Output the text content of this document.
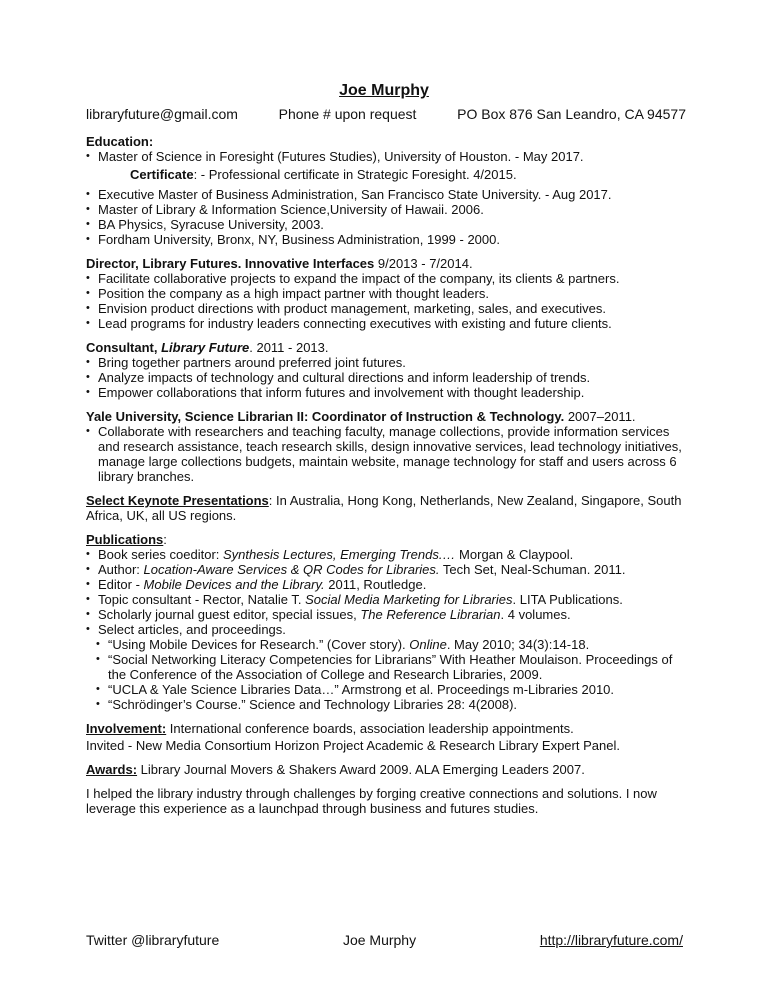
Joe Murphy
libraryfuture@gmail.com	Phone # upon request	PO Box 876 San Leandro, CA 94577
Education:
• Master of Science in Foresight (Futures Studies), University of Houston. - May 2017.
Certificate: - Professional certificate in Strategic Foresight. 4/2015.
• Executive Master of Business Administration, San Francisco State University. - Aug 2017.
• Master of Library & Information Science,University of Hawaii. 2006.
• BA Physics, Syracuse University, 2003.
• Fordham University, Bronx, NY, Business Administration, 1999 - 2000.
Director, Library Futures. Innovative Interfaces 9/2013 - 7/2014.
• Facilitate collaborative projects to expand the impact of the company, its clients & partners.
• Position the company as a high impact partner with thought leaders.
• Envision product directions with product management, marketing, sales, and executives.
• Lead programs for industry leaders connecting executives with existing and future clients.
Consultant, Library Future. 2011 - 2013.
• Bring together partners around preferred joint futures.
• Analyze impacts of technology and cultural directions and inform leadership of trends.
• Empower collaborations that inform futures and involvement with thought leadership.
Yale University, Science Librarian II: Coordinator of Instruction & Technology. 2007–2011.
• Collaborate with researchers and teaching faculty, manage collections, provide information services and research assistance, teach research skills, design innovative services, lead technology initiatives, manage large collections budgets, maintain website, manage technology for staff and users across 6 library branches.
Select Keynote Presentations: In Australia, Hong Kong, Netherlands, New Zealand, Singapore, South Africa, UK, all US regions.
Publications:
• Book series coeditor: Synthesis Lectures, Emerging Trends.… Morgan & Claypool.
• Author: Location-Aware Services & QR Codes for Libraries. Tech Set, Neal-Schuman. 2011.
• Editor - Mobile Devices and the Library. 2011, Routledge.
• Topic consultant - Rector, Natalie T. Social Media Marketing for Libraries. LITA Publications.
• Scholarly journal guest editor, special issues, The Reference Librarian. 4 volumes.
• Select articles, and proceedings.
• “Using Mobile Devices for Research.” (Cover story). Online. May 2010; 34(3):14-18.
• “Social Networking Literacy Competencies for Librarians” With Heather Moulaison. Proceedings of the Conference of the Association of College and Research Libraries, 2009.
• “UCLA & Yale Science Libraries Data…” Armstrong et al. Proceedings m-Libraries 2010.
• “Schrödinger’s Course.” Science and Technology Libraries 28: 4(2008).
Involvement: International conference boards, association leadership appointments.
Invited - New Media Consortium Horizon Project Academic & Research Library Expert Panel.
Awards: Library Journal Movers & Shakers Award 2009. ALA Emerging Leaders 2007.
I helped the library industry through challenges by forging creative connections and solutions. I now leverage this experience as a launchpad through business and futures studies.
Twitter @libraryfuture	Joe Murphy	http://libraryfuture.com/
